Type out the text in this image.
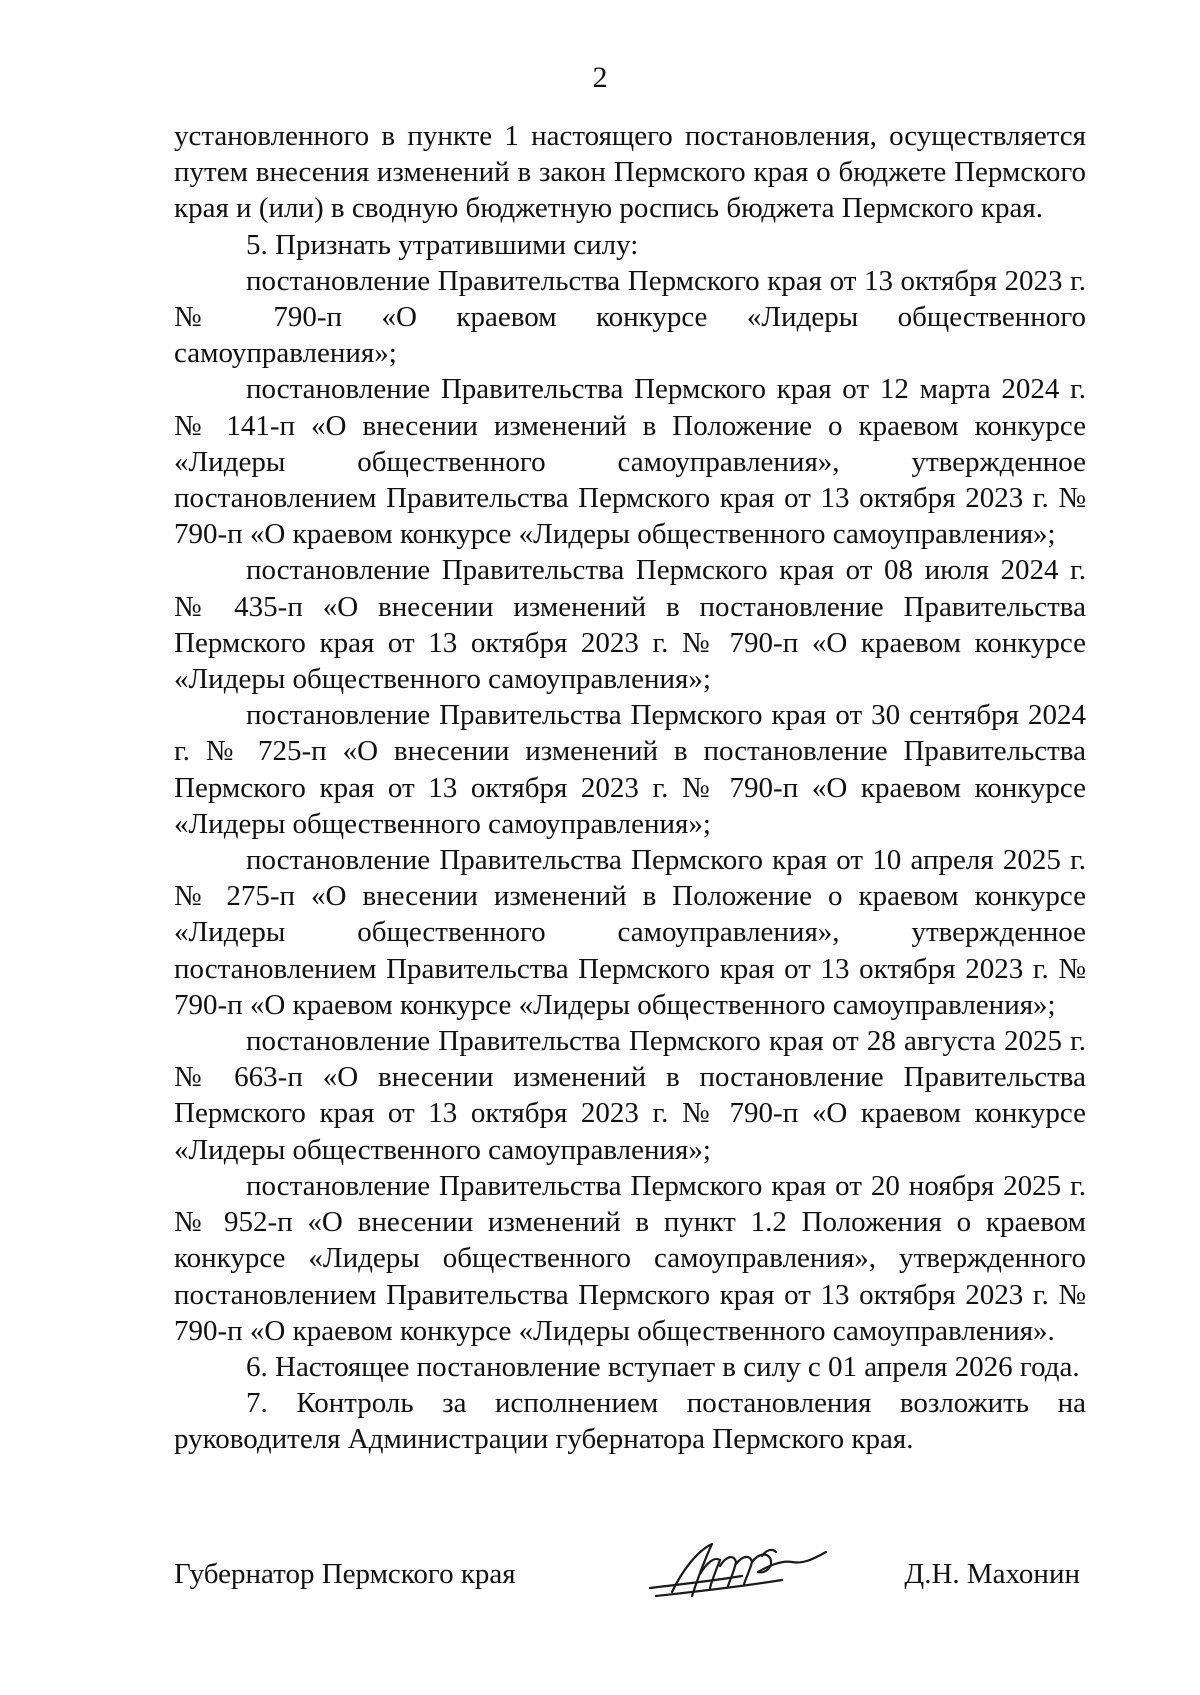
2

установленного в пункте 1 настоящего постановления, осуществляется путем внесения изменений в закон Пермского края о бюджете Пермского края и (или) в сводную бюджетную роспись бюджета Пермского края.

5. Признать утратившими силу:

постановление Правительства Пермского края от 13 октября 2023 г. № 790-п «О краевом конкурсе «Лидеры общественного самоуправления»;

постановление Правительства Пермского края от 12 марта 2024 г. № 141-п «О внесении изменений в Положение о краевом конкурсе «Лидеры общественного самоуправления», утвержденное постановлением Правительства Пермского края от 13 октября 2023 г. № 790-п «О краевом конкурсе «Лидеры общественного самоуправления»;

постановление Правительства Пермского края от 08 июля 2024 г. № 435-п «О внесении изменений в постановление Правительства Пермского края от 13 октября 2023 г. № 790-п «О краевом конкурсе «Лидеры общественного самоуправления»;

постановление Правительства Пермского края от 30 сентября 2024 г. № 725-п «О внесении изменений в постановление Правительства Пермского края от 13 октября 2023 г. № 790-п «О краевом конкурсе «Лидеры общественного самоуправления»;

постановление Правительства Пермского края от 10 апреля 2025 г. № 275-п «О внесении изменений в Положение о краевом конкурсе «Лидеры общественного самоуправления», утвержденное постановлением Правительства Пермского края от 13 октября 2023 г. № 790-п «О краевом конкурсе «Лидеры общественного самоуправления»;

постановление Правительства Пермского края от 28 августа 2025 г. № 663-п «О внесении изменений в постановление Правительства Пермского края от 13 октября 2023 г. № 790-п «О краевом конкурсе «Лидеры общественного самоуправления»;

постановление Правительства Пермского края от 20 ноября 2025 г. № 952-п «О внесении изменений в пункт 1.2 Положения о краевом конкурсе «Лидеры общественного самоуправления», утвержденного постановлением Правительства Пермского края от 13 октября 2023 г. № 790-п «О краевом конкурсе «Лидеры общественного самоуправления».

6. Настоящее постановление вступает в силу с 01 апреля 2026 года.

7. Контроль за исполнением постановления возложить на руководителя Администрации губернатора Пермского края.

Губернатор Пермского края	Д.Н. Махонин
